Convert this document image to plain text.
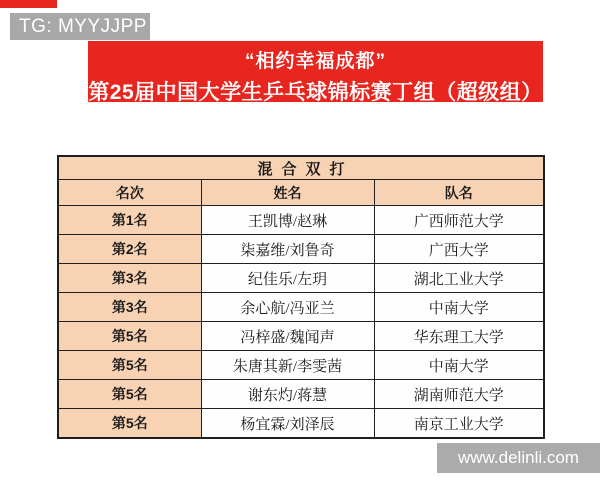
TG: MYYJJPP
“相约幸福成都”
第25届中国大学生乒乓球锦标赛丁组（超级组）
混合双打		
名次	姓名	队名
第1名	王凯博/赵琳	广西师范大学
第2名	柒嘉维/刘鲁奇	广西大学
第3名	纪佳乐/左玥	湖北工业大学
第3名	余心航/冯亚兰	中南大学
第5名	冯梓盛/魏闻声	华东理工大学
第5名	朱唐其新/李雯茜	中南大学
第5名	谢东灼/蒋慧	湖南师范大学
第5名	杨宜霖/刘泽辰	南京工业大学
www.delinli.com
